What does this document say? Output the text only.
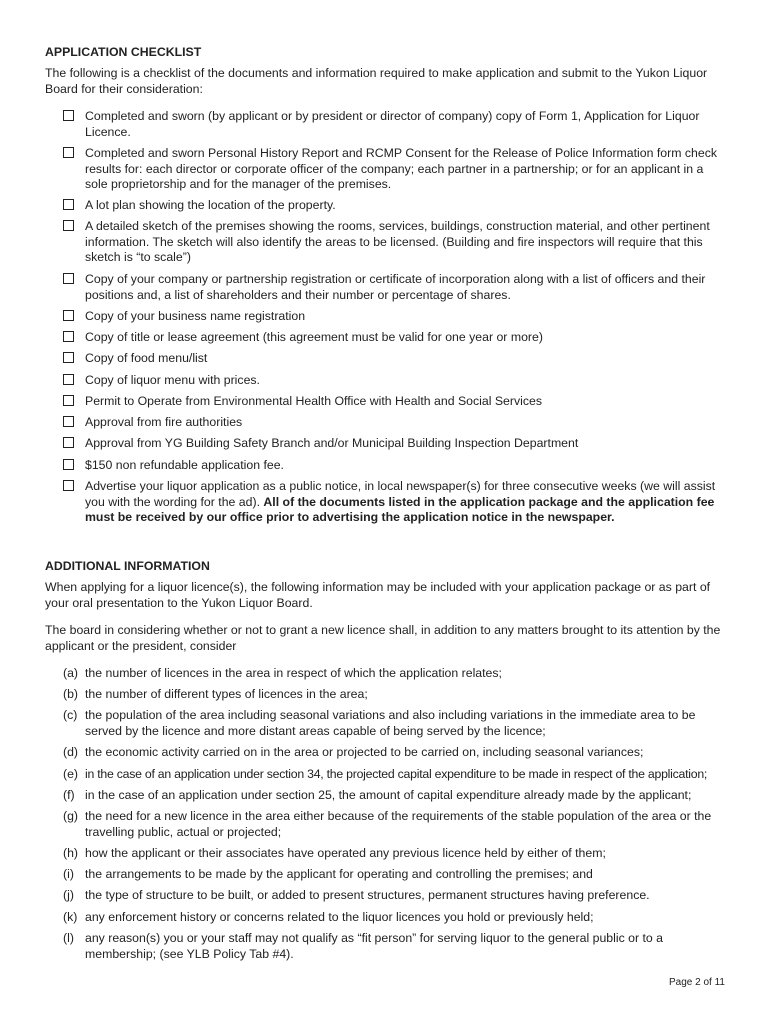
APPLICATION CHECKLIST
The following is a checklist of the documents and information required to make application and submit to the Yukon Liquor Board for their consideration:
Completed and sworn (by applicant or by president or director of company) copy of Form 1, Application for Liquor Licence.
Completed and sworn Personal History Report and RCMP Consent for the Release of Police Information form check results for: each director or corporate officer of the company; each partner in a partnership; or for an applicant in a sole proprietorship and for the manager of the premises.
A lot plan showing the location of the property.
A detailed sketch of the premises showing the rooms, services, buildings, construction material, and other pertinent information. The sketch will also identify the areas to be licensed. (Building and fire inspectors will require that this sketch is “to scale”)
Copy of your company or partnership registration or certificate of incorporation along with a list of officers and their positions and, a list of shareholders and their number or percentage of shares.
Copy of your business name registration
Copy of title or lease agreement (this agreement must be valid for one year or more)
Copy of food menu/list
Copy of liquor menu with prices.
Permit to Operate from Environmental Health Office with Health and Social Services
Approval from fire authorities
Approval from YG Building Safety Branch and/or Municipal Building Inspection Department
$150 non refundable application fee.
Advertise your liquor application as a public notice, in local newspaper(s) for three consecutive weeks (we will assist you with the wording for the ad). All of the documents listed in the application package and the application fee must be received by our office prior to advertising the application notice in the newspaper.
ADDITIONAL INFORMATION
When applying for a liquor licence(s), the following information may be included with your application package or as part of your oral presentation to the Yukon Liquor Board.
The board in considering whether or not to grant a new licence shall, in addition to any matters brought to its attention by the applicant or the president, consider
(a) the number of licences in the area in respect of which the application relates;
(b) the number of different types of licences in the area;
(c) the population of the area including seasonal variations and also including variations in the immediate area to be served by the licence and more distant areas capable of being served by the licence;
(d) the economic activity carried on in the area or projected to be carried on, including seasonal variances;
(e) in the case of an application under section 34, the projected capital expenditure to be made in respect of the application;
(f) in the case of an application under section 25, the amount of capital expenditure already made by the applicant;
(g) the need for a new licence in the area either because of the requirements of the stable population of the area or the travelling public, actual or projected;
(h) how the applicant or their associates have operated any previous licence held by either of them;
(i) the arrangements to be made by the applicant for operating and controlling the premises; and
(j) the type of structure to be built, or added to present structures, permanent structures having preference.
(k) any enforcement history or concerns related to the liquor licences you hold or previously held;
(l) any reason(s) you or your staff may not qualify as “fit person” for serving liquor to the general public or to a membership; (see YLB Policy Tab #4).
Page 2 of 11
